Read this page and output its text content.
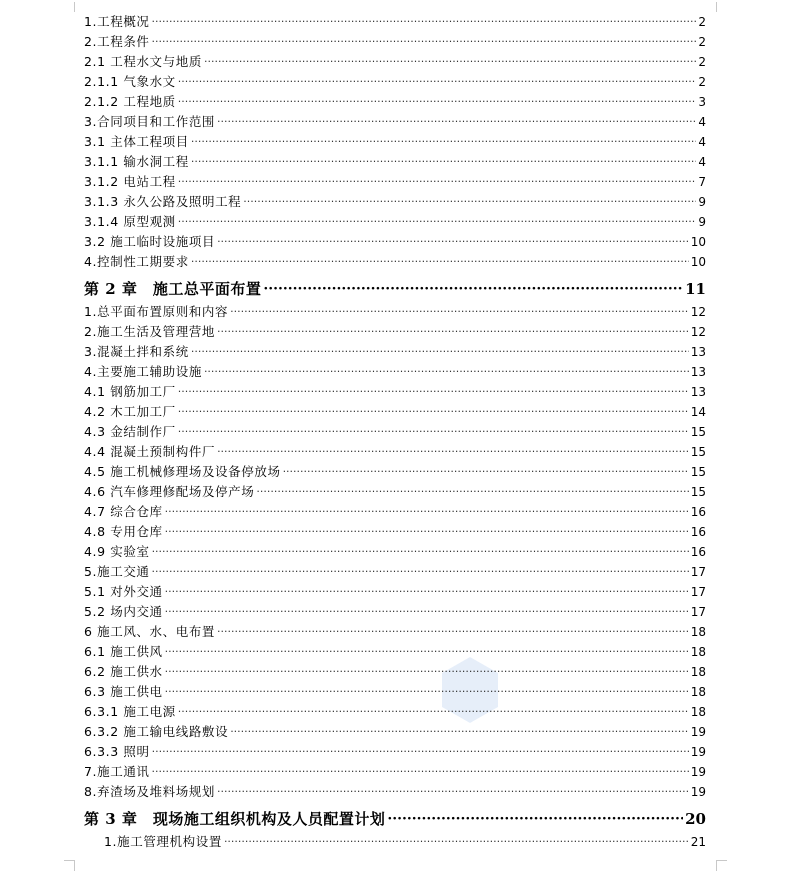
1.工程概况 ·····	2
2.工程条件 ·····	2
2.1 工程水文与地质 ·····	2
2.1.1 气象水文 ·····	2
2.1.2 工程地质 ·····	3
3.合同项目和工作范围 ·····	4
3.1 主体工程项目 ·····	4
3.1.1 输水洞工程 ·····	4
3.1.2 电站工程 ·····	7
3.1.3 永久公路及照明工程 ·····	9
3.1.4 原型观测 ·····	9
3.2 施工临时设施项目 ·····	10
4.控制性工期要求 ·····	10
第 2 章　施工总平面布置 ·····	11
1.总平面布置原则和内容 ·····	12
2.施工生活及管理营地 ·····	12
3.混凝土拌和系统 ·····	13
4.主要施工辅助设施 ·····	13
4.1 钢筋加工厂 ·····	13
4.2 木工加工厂 ·····	14
4.3 金结制作厂 ·····	15
4.4 混凝土预制构件厂 ·····	15
4.5 施工机械修理场及设备停放场 ·····	15
4.6 汽车修理修配场及停产场 ·····	15
4.7 综合仓库 ·····	16
4.8 专用仓库 ·····	16
4.9 实验室 ·····	16
5.施工交通 ·····	17
5.1 对外交通 ·····	17
5.2 场内交通 ·····	17
6 施工风、水、电布置 ·····	18
6.1 施工供风 ·····	18
6.2 施工供水 ·····	18
6.3 施工供电 ·····	18
6.3.1 施工电源 ·····	18
6.3.2 施工输电线路敷设 ·····	19
6.3.3 照明 ·····	19
7.施工通讯 ·····	19
8.弃渣场及堆料场规划 ·····	19
第 3 章　现场施工组织机构及人员配置计划 ·····	20
1.施工管理机构设置 ·····	21
